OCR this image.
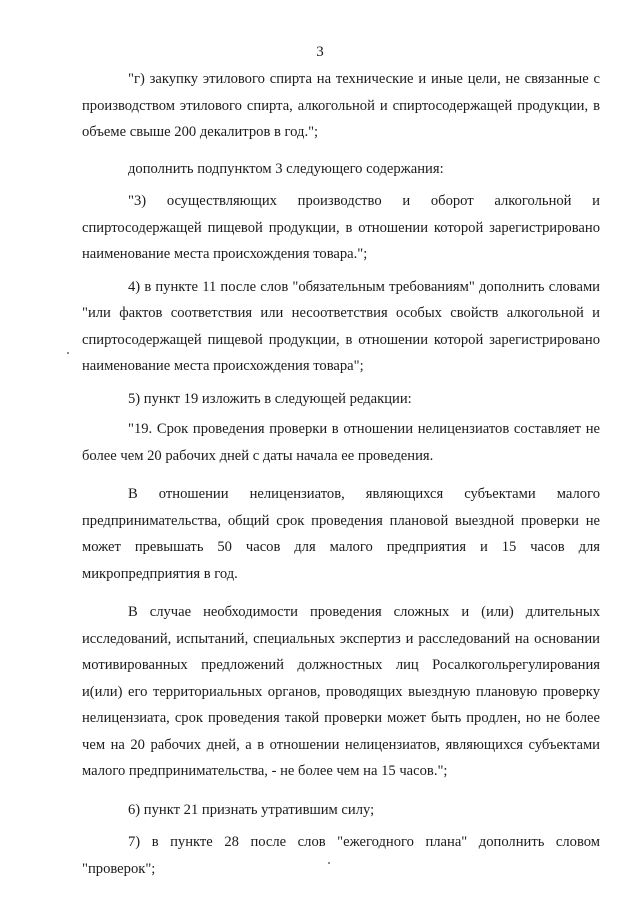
3

"г) закупку этилового спирта на технические и иные цели, не связанные с производством этилового спирта, алкогольной и спиртосодержащей продукции, в объеме свыше 200 декалитров в год.";

дополнить подпунктом 3 следующего содержания:

"3) осуществляющих производство и оборот алкогольной и спиртосодержащей пищевой продукции, в отношении которой зарегистрировано наименование места происхождения товара.";

4) в пункте 11 после слов "обязательным требованиям" дополнить словами "или фактов соответствия или несоответствия особых свойств алкогольной и спиртосодержащей пищевой продукции, в отношении которой зарегистрировано наименование места происхождения товара";

5) пункт 19 изложить в следующей редакции:

"19. Срок проведения проверки в отношении нелицензиатов составляет не более чем 20 рабочих дней с даты начала ее проведения.

В отношении нелицензиатов, являющихся субъектами малого предпринимательства, общий срок проведения плановой выездной проверки не может превышать 50 часов для малого предприятия и 15 часов для микропредприятия в год.

В случае необходимости проведения сложных и (или) длительных исследований, испытаний, специальных экспертиз и расследований на основании мотивированных предложений должностных лиц Росалкогольрегулирования и(или) его территориальных органов, проводящих выездную плановую проверку нелицензиата, срок проведения такой проверки может быть продлен, но не более чем на 20 рабочих дней, а в отношении нелицензиатов, являющихся субъектами малого предпринимательства, - не более чем на 15 часов.";

6) пункт 21 признать утратившим силу;

7) в пункте 28 после слов "ежегодного плана" дополнить словом "проверок";
